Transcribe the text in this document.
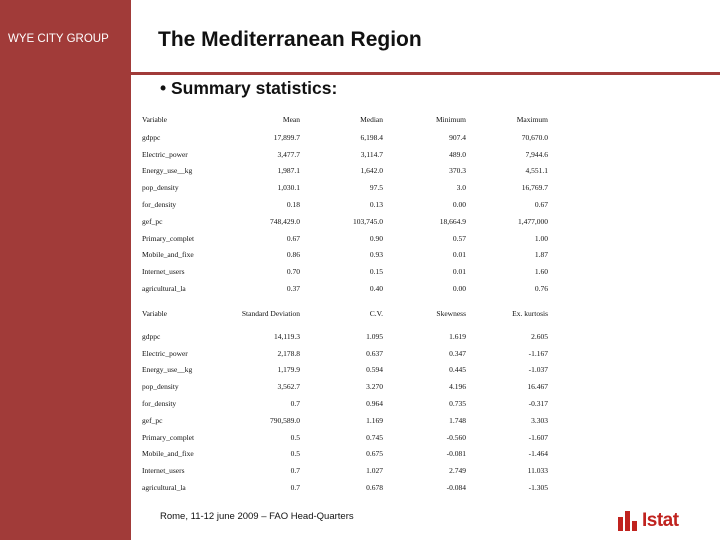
WYE CITY GROUP The Mediterranean Region
• Summary statistics:
Variable	Mean	Median	Minimum	Maximum
gdppc	17,899.7	6,198.4	907.4	70,670.0
Electric_power	3,477.7	3,114.7	489.0	7,944.6
Energy_use__kg	1,987.1	1,642.0	370.3	4,551.1
pop_density	1,030.1	97.5	3.0	16,769.7
for_density	0.18	0.13	0.00	0.67
gef_pc	748,429.0	103,745.0	18,664.9	1,477,000
Primary_complet	0.67	0.90	0.57	1.00
Mobile_and_fixe	0.86	0.93	0.01	1.87
Internet_users	0.70	0.15	0.01	1.60
agricultural_la	0.37	0.40	0.00	0.76
Variable	Standard Deviation	C.V.	Skewness	Ex. kurtosis
gdppc	14,119.3	1.095	1.619	2.605
Electric_power	2,178.8	0.637	0.347	-1.167
Energy_use__kg	1,179.9	0.594	0.445	-1.037
pop_density	3,562.7	3.270	4.196	16.467
for_density	0.7	0.964	0.735	-0.317
gef_pc	790,589.0	1.169	1.748	3.303
Primary_complet	0.5	0.745	-0.560	-1.607
Mobile_and_fixe	0.5	0.675	-0.081	-1.464
Internet_users	0.7	1.027	2.749	11.033
agricultural_la	0.7	0.678	-0.084	-1.305
Rome, 11-12 june 2009 – FAO Head-Quarters	Istat
